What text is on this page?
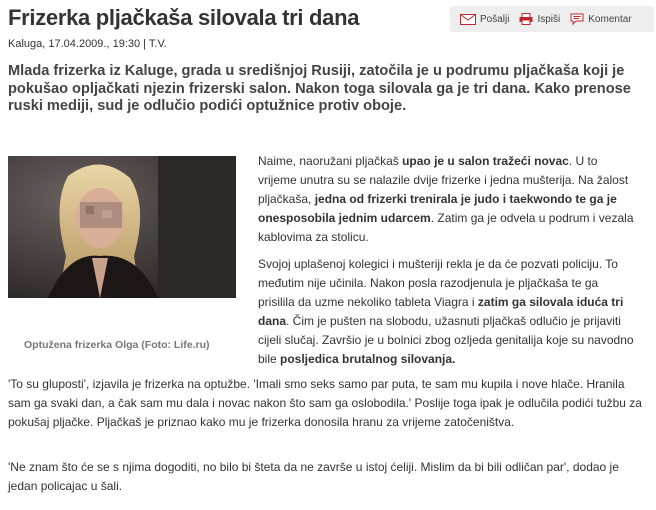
Frizerka pljačkaša silovala tri dana
Kaluga, 17.04.2009., 19:30 | T.V.
Pošalji	Ispiši	Komentar

Mlada frizerka iz Kaluge, grada u središnjoj Rusiji, zatočila je u podrumu pljačkaša koji je pokušao opljačkati njezin frizerski salon. Nakon toga silovala ga je tri dana. Kako prenose ruski mediji, sud je odlučio podići optužnice protiv oboje.

Optužena frizerka Olga (Foto: Life.ru)

Naime, naoružani pljačkaš upao je u salon tražeći novac. U to vrijeme unutra su se nalazile dvije frizerke i jedna mušterija. Na žalost pljačkaša, jedna od frizerki trenirala je judo i taekwondo te ga je onesposobila jednim udarcem. Zatim ga je odvela u podrum i vezala kablovima za stolicu.

Svojoj uplašenoj kolegici i mušteriji rekla je da će pozvati policiju. To međutim nije učinila. Nakon posla razodjenula je pljačkaša te ga prisilila da uzme nekoliko tableta Viagra i zatim ga silovala iduća tri dana. Čim je pušten na slobodu, užasnuti pljačkaš odlučio je prijaviti cijeli slučaj. Završio je u bolnici zbog ozljeda genitalija koje su navodno bile posljedica brutalnog silovanja.

'To su gluposti', izjavila je frizerka na optužbe. 'Imali smo seks samo par puta, te sam mu kupila i nove hlače. Hranila sam ga svaki dan, a čak sam mu dala i novac nakon što sam ga oslobodila.' Poslije toga ipak je odlučila podići tužbu za pokušaj pljačke. Pljačkaš je priznao kako mu je frizerka donosila hranu za vrijeme zatočeništva.

'Ne znam što će se s njima dogoditi, no bilo bi šteta da ne završe u istoj ćeliji. Mislim da bi bili odličan par', dodao je jedan policajac u šali.
